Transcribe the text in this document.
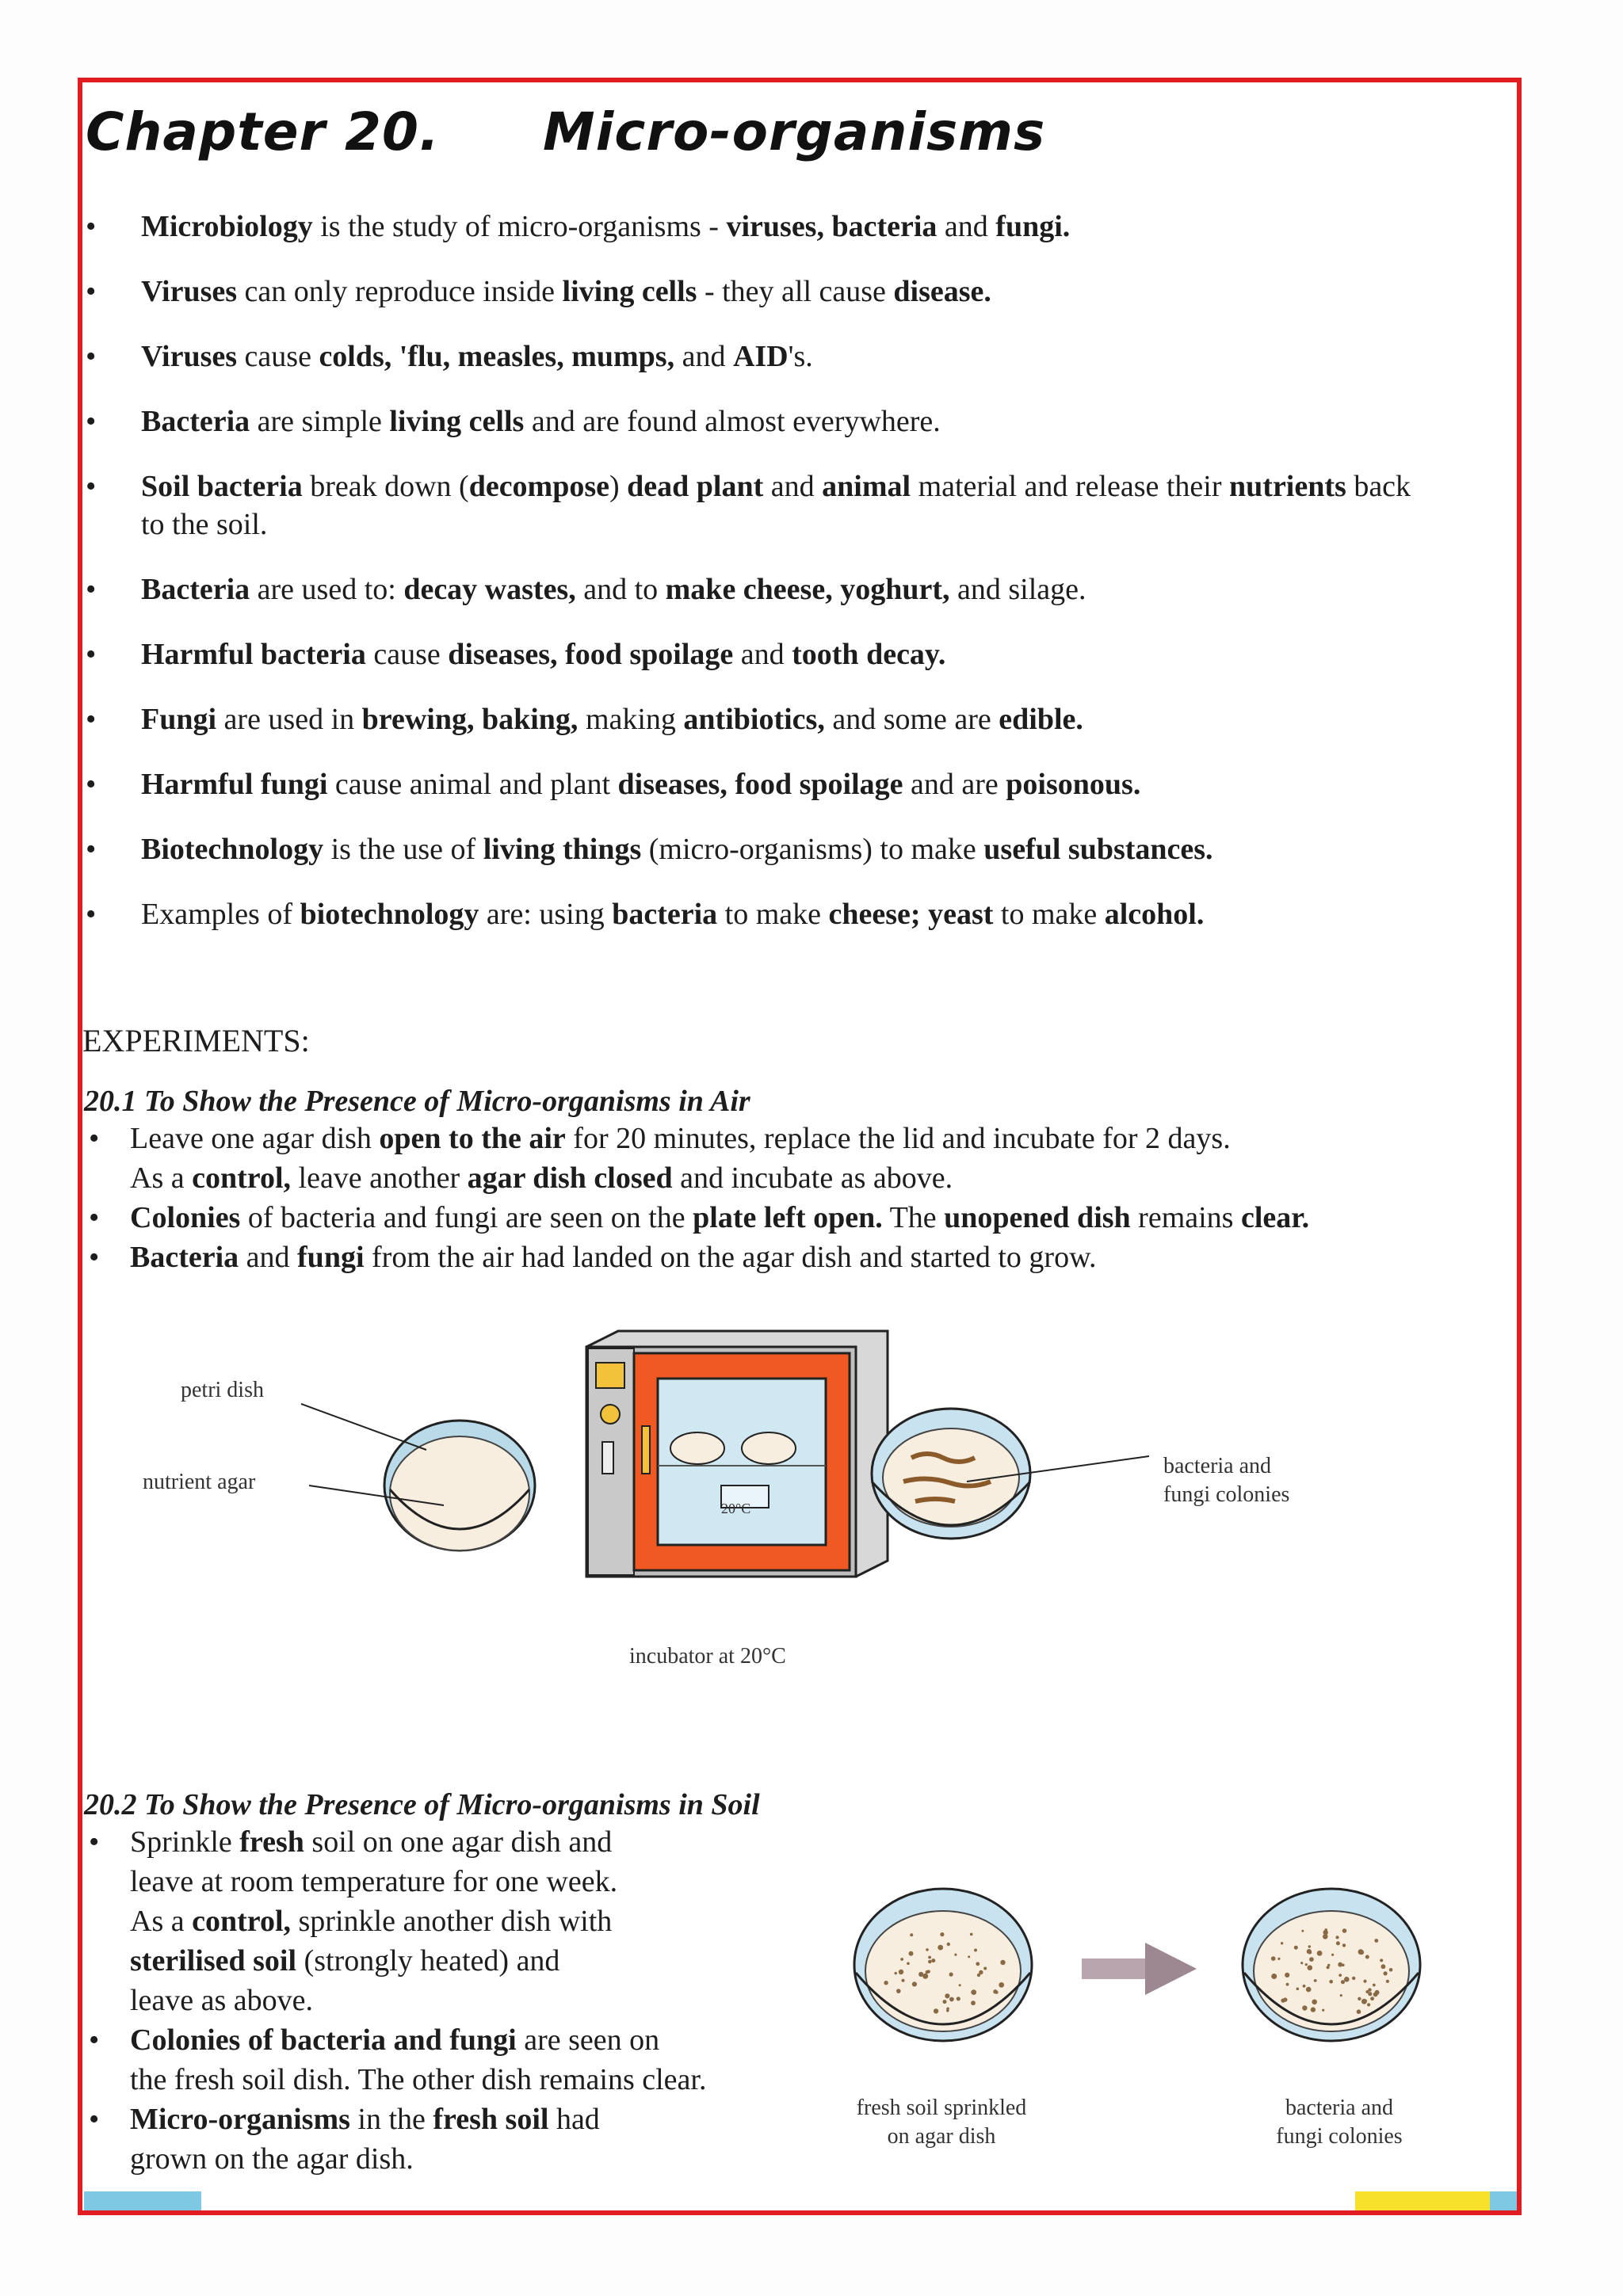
Chapter 20. Micro-organisms
• Microbiology is the study of micro-organisms - viruses, bacteria and fungi.
• Viruses can only reproduce inside living cells - they all cause disease.
• Viruses cause colds, 'flu, measles, mumps, and AID's.
• Bacteria are simple living cells and are found almost everywhere.
• Soil bacteria break down (decompose) dead plant and animal material and release their nutrients back to the soil.
• Bacteria are used to: decay wastes, and to make cheese, yoghurt, and silage.
• Harmful bacteria cause diseases, food spoilage and tooth decay.
• Fungi are used in brewing, baking, making antibiotics, and some are edible.
• Harmful fungi cause animal and plant diseases, food spoilage and are poisonous.
• Biotechnology is the use of living things (micro-organisms) to make useful substances.
• Examples of biotechnology are: using bacteria to make cheese; yeast to make alcohol.
EXPERIMENTS:
20.1 To Show the Presence of Micro-organisms in Air
• Leave one agar dish open to the air for 20 minutes, replace the lid and incubate for 2 days.
As a control, leave another agar dish closed and incubate as above.
• Colonies of bacteria and fungi are seen on the plate left open. The unopened dish remains clear.
• Bacteria and fungi from the air had landed on the agar dish and started to grow.
petri dish
nutrient agar
bacteria and
fungi colonies
20°C
incubator at 20°C
20.2 To Show the Presence of Micro-organisms in Soil
• Sprinkle fresh soil on one agar dish and
leave at room temperature for one week.
As a control, sprinkle another dish with
sterilised soil (strongly heated) and
leave as above.
• Colonies of bacteria and fungi are seen on
the fresh soil dish. The other dish remains clear.
• Micro-organisms in the fresh soil had
grown on the agar dish.
fresh soil sprinkled
on agar dish
bacteria and
fungi colonies
